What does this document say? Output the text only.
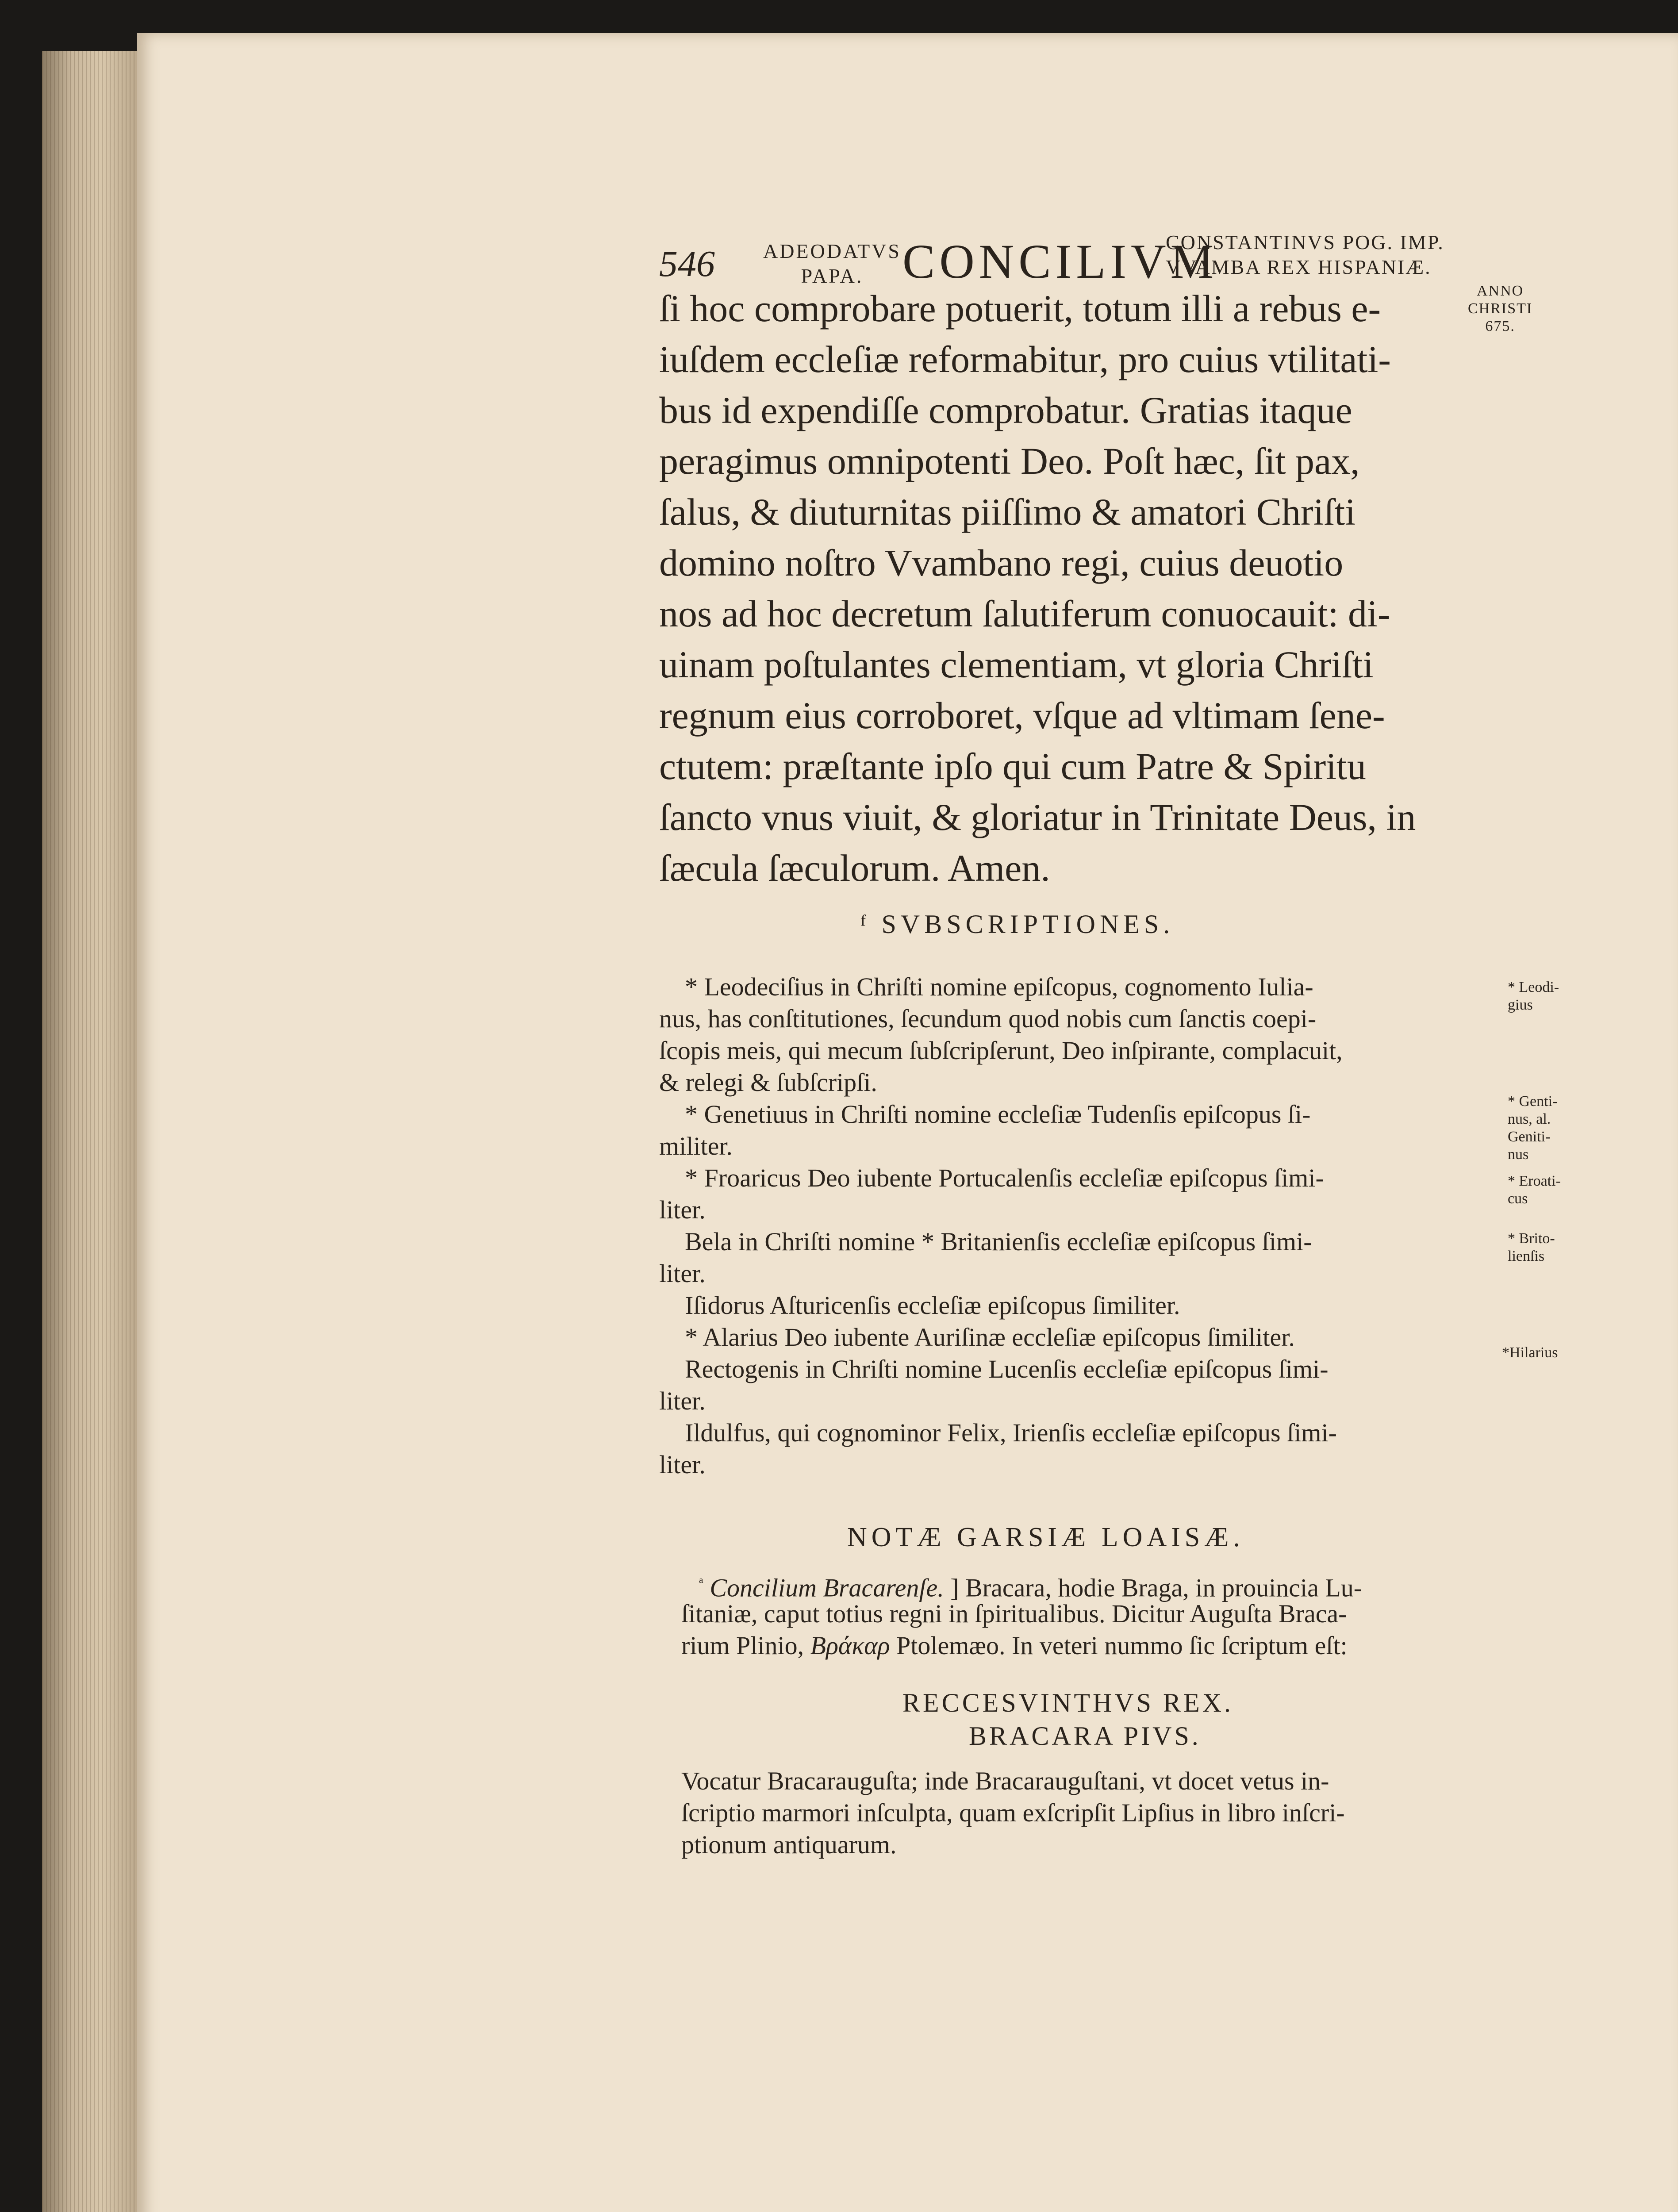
546 ADEODATVS
PAPA. CONCILIVM
CONSTANTINVS POG. IMP.
VVAMBA REX HISPANIÆ.
ANNO
CHRISTI
675.
ſi hoc comprobare potuerit, totum illi a rebus e-
iuſdem eccleſiæ reformabitur, pro cuius vtilitati-
bus id expendiſſe comprobatur. Gratias itaque
peragimus omnipotenti Deo. Poſt hæc, ſit pax,
ſalus, & diuturnitas piiſſimo & amatori Chriſti
domino noſtro Vvambano regi, cuius deuotio
nos ad hoc decretum ſalutiferum conuocauit: di-
uinam poſtulantes clementiam, vt gloria Chriſti
regnum eius corroboret, vſque ad vltimam ſene-
ctutem: præſtante ipſo qui cum Patre & Spiritu
ſancto vnus viuit, & gloriatur in Trinitate Deus, in
ſæcula ſæculorum. Amen.
ᶠ SVBSCRIPTIONES.
* Leodeciſius in Chriſti nomine epiſcopus, cognomento Iulia-
nus, has conſtitutiones, ſecundum quod nobis cum ſanctis coepi-
ſcopis meis, qui mecum ſubſcripſerunt, Deo inſpirante, complacuit,
& relegi & ſubſcripſi.
* Genetiuus in Chriſti nomine eccleſiæ Tudenſis epiſcopus ſi-
militer.
* Froaricus Deo iubente Portucalenſis eccleſiæ epiſcopus ſimi-
liter.
Bela in Chriſti nomine * Britanienſis eccleſiæ epiſcopus ſimi-
liter.
Iſidorus Aſturicenſis eccleſiæ epiſcopus ſimiliter.
* Alarius Deo iubente Auriſinæ eccleſiæ epiſcopus ſimiliter.
Rectogenis in Chriſti nomine Lucenſis eccleſiæ epiſcopus ſimi-
liter.
Ildulfus, qui cognominor Felix, Irienſis eccleſiæ epiſcopus ſimi-
liter.
* Leodi-
gius
* Genti-
nus, al.
Geniti-
nus
* Eroati-
cus
* Brito-
lienſis
*Hilarius
NOTÆ GARSIÆ LOAISÆ.
$^ᵃ$ Concilium Bracarenſe. ] Bracara, hodie Braga, in prouincia Lu-
ſitaniæ, caput totius regni in ſpiritualibus. Dicitur Auguſta Braca-
rium Plinio, Βράκαρ Ptolemæo. In veteri nummo ſic ſcriptum eſt:
RECCESVINTHVS REX.
BRACARA PIVS.
Vocatur Bracarauguſta; inde Bracarauguſtani, vt docet vetus in-
ſcriptio marmori inſculpta, quam exſcripſit Lipſius in libro inſcri-
ptionum antiquarum.
